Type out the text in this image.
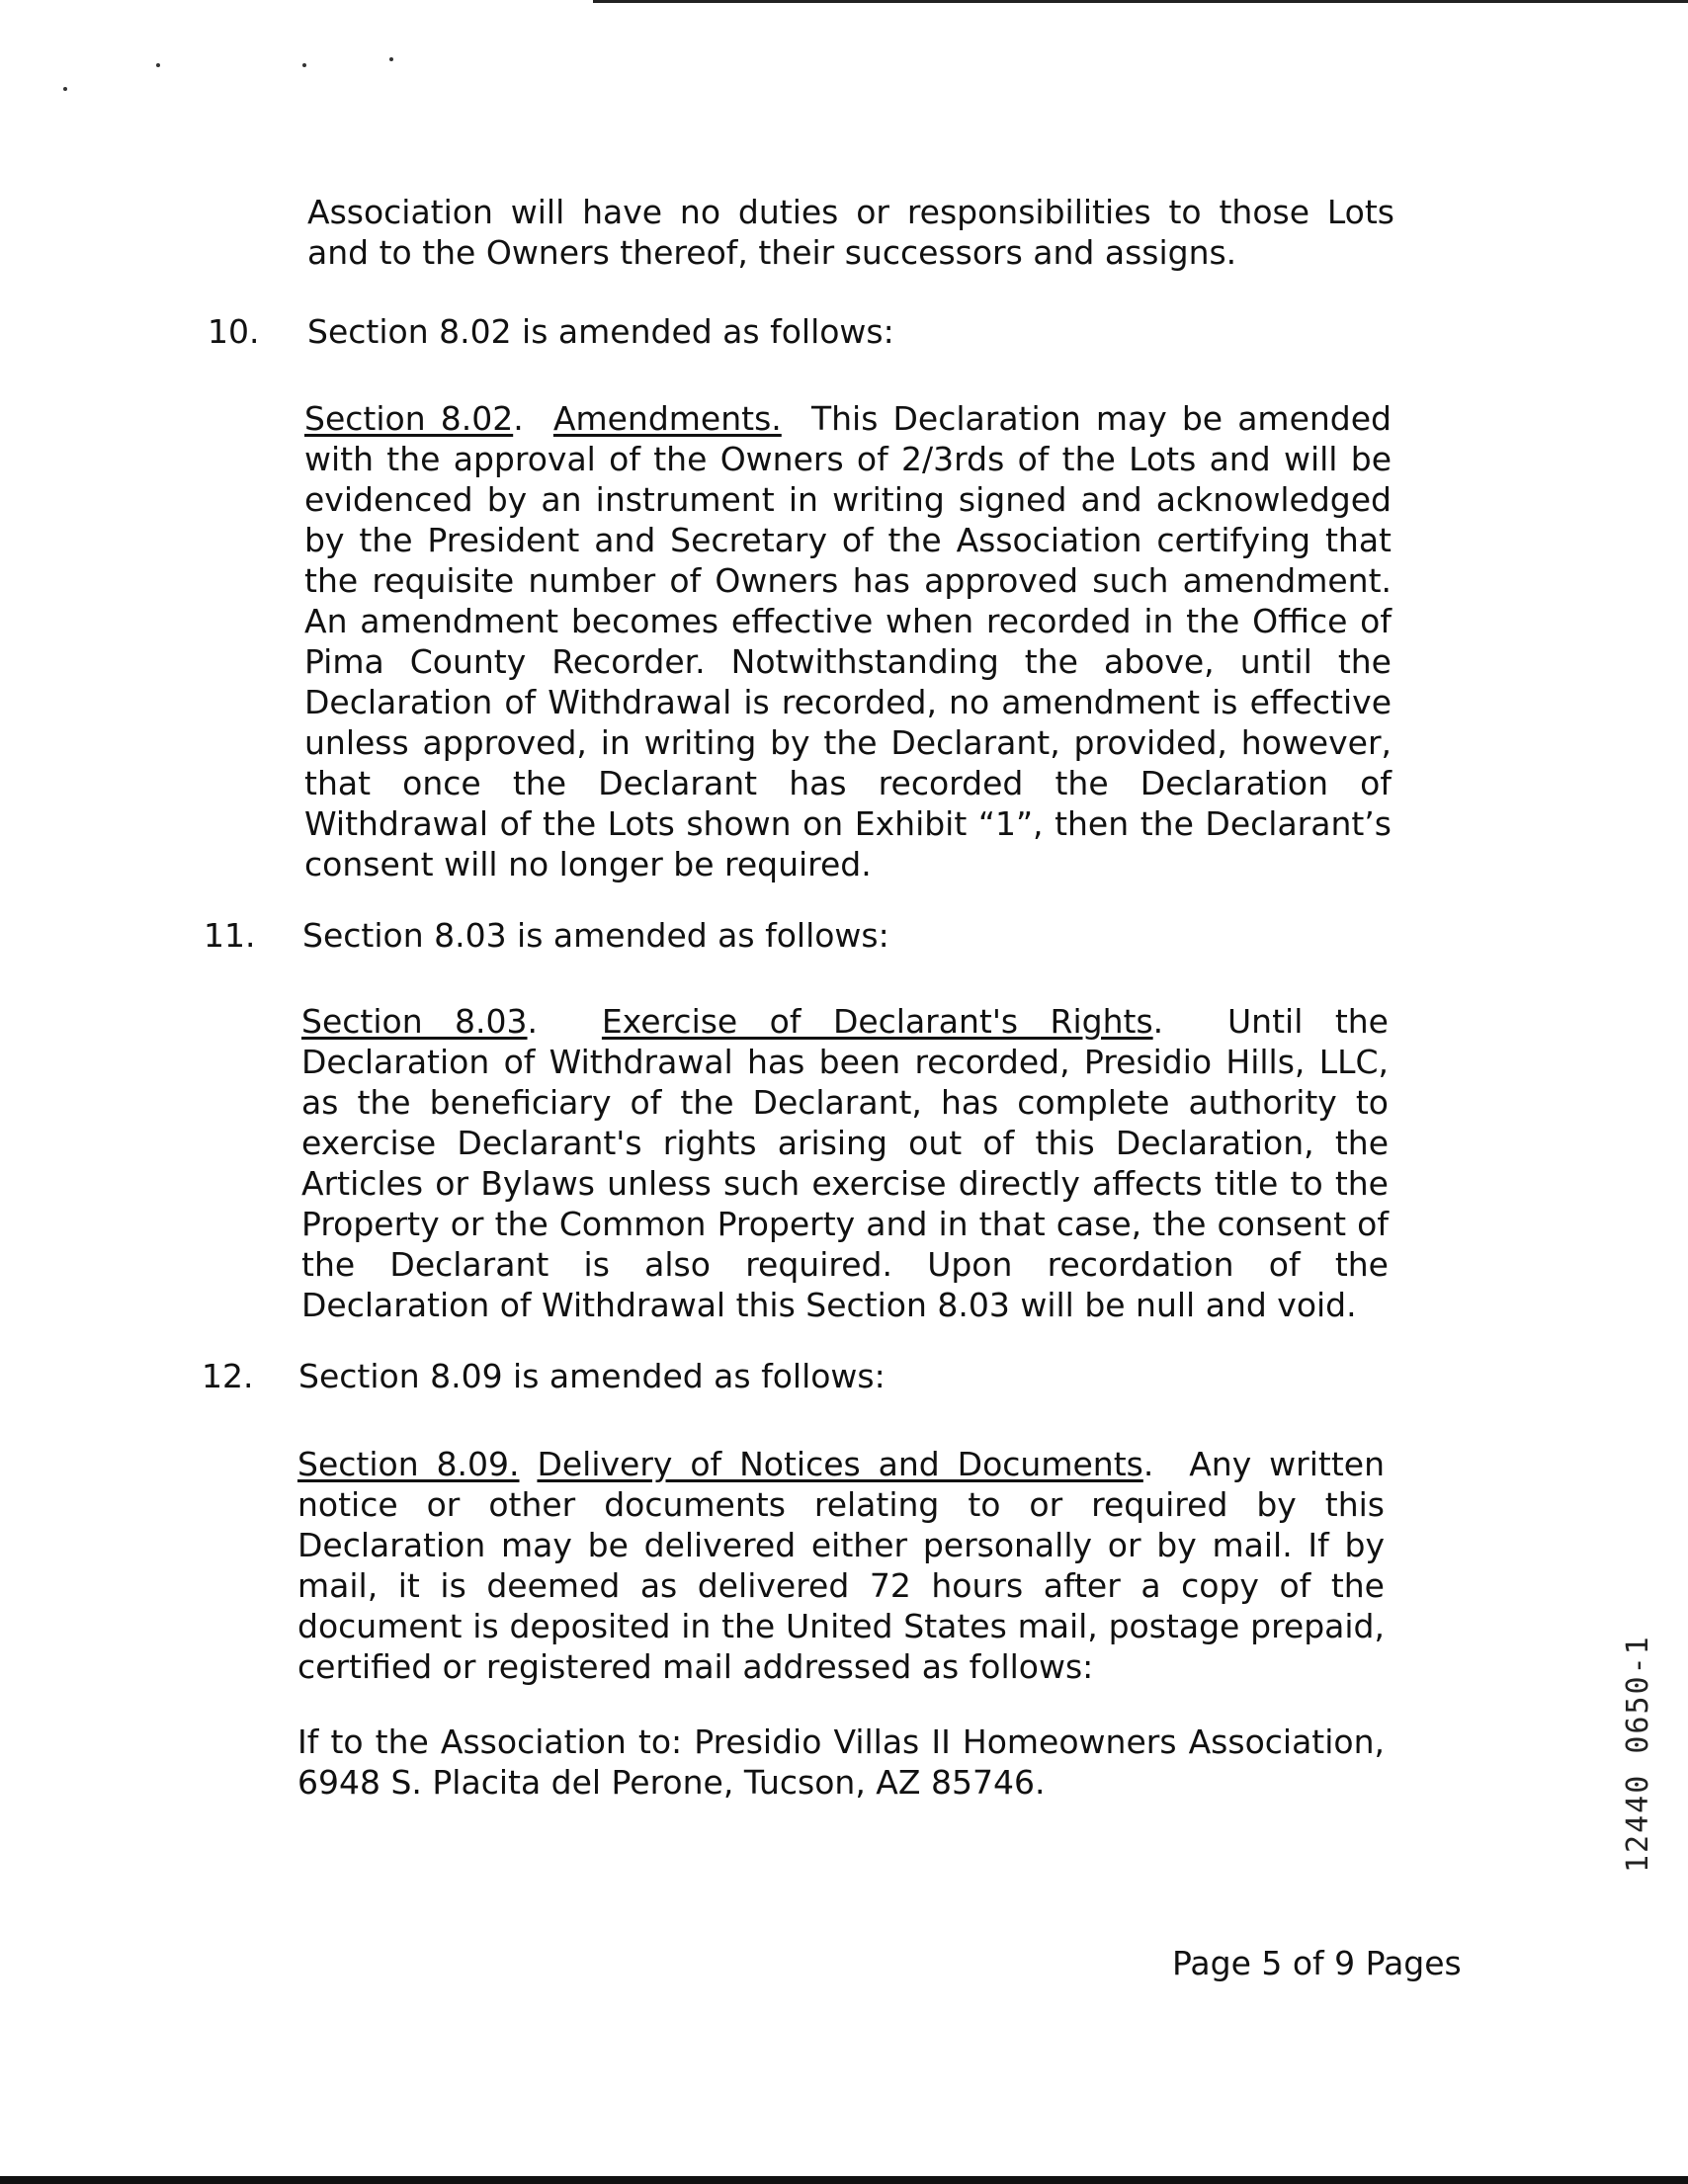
Association will have no duties or responsibilities to those Lots and to the Owners thereof, their successors and assigns.
10. Section 8.02 is amended as follows:
Section 8.02.  Amendments. This Declaration may be amended with the approval of the Owners of 2/3rds of the Lots and will be evidenced by an instrument in writing signed and acknowledged by the President and Secretary of the Association certifying that the requisite number of Owners has approved such amendment. An amendment becomes effective when recorded in the Office of Pima County Recorder. Notwithstanding the above, until the Declaration of Withdrawal is recorded, no amendment is effective unless approved, in writing by the Declarant, provided, however, that once the Declarant has recorded the Declaration of Withdrawal of the Lots shown on Exhibit “1”, then the Declarant’s consent will no longer be required.
11. Section 8.03 is amended as follows:
Section 8.03.  Exercise of Declarant's Rights.  Until the Declaration of Withdrawal has been recorded, Presidio Hills, LLC, as the beneficiary of the Declarant, has complete authority to exercise Declarant's rights arising out of this Declaration, the Articles or Bylaws unless such exercise directly affects title to the Property or the Common Property and in that case, the consent of the Declarant is also required. Upon recordation of the Declaration of Withdrawal this Section 8.03 will be null and void.
12. Section 8.09 is amended as follows:
Section 8.09. Delivery of Notices and Documents.  Any written notice or other documents relating to or required by this Declaration may be delivered either personally or by mail. If by mail, it is deemed as delivered 72 hours after a copy of the document is deposited in the United States mail, postage prepaid, certified or registered mail addressed as follows:
If to the Association to: Presidio Villas II Homeowners Association, 6948 S. Placita del Perone, Tucson, AZ 85746.
Page 5 of 9 Pages
12440 0650-1
